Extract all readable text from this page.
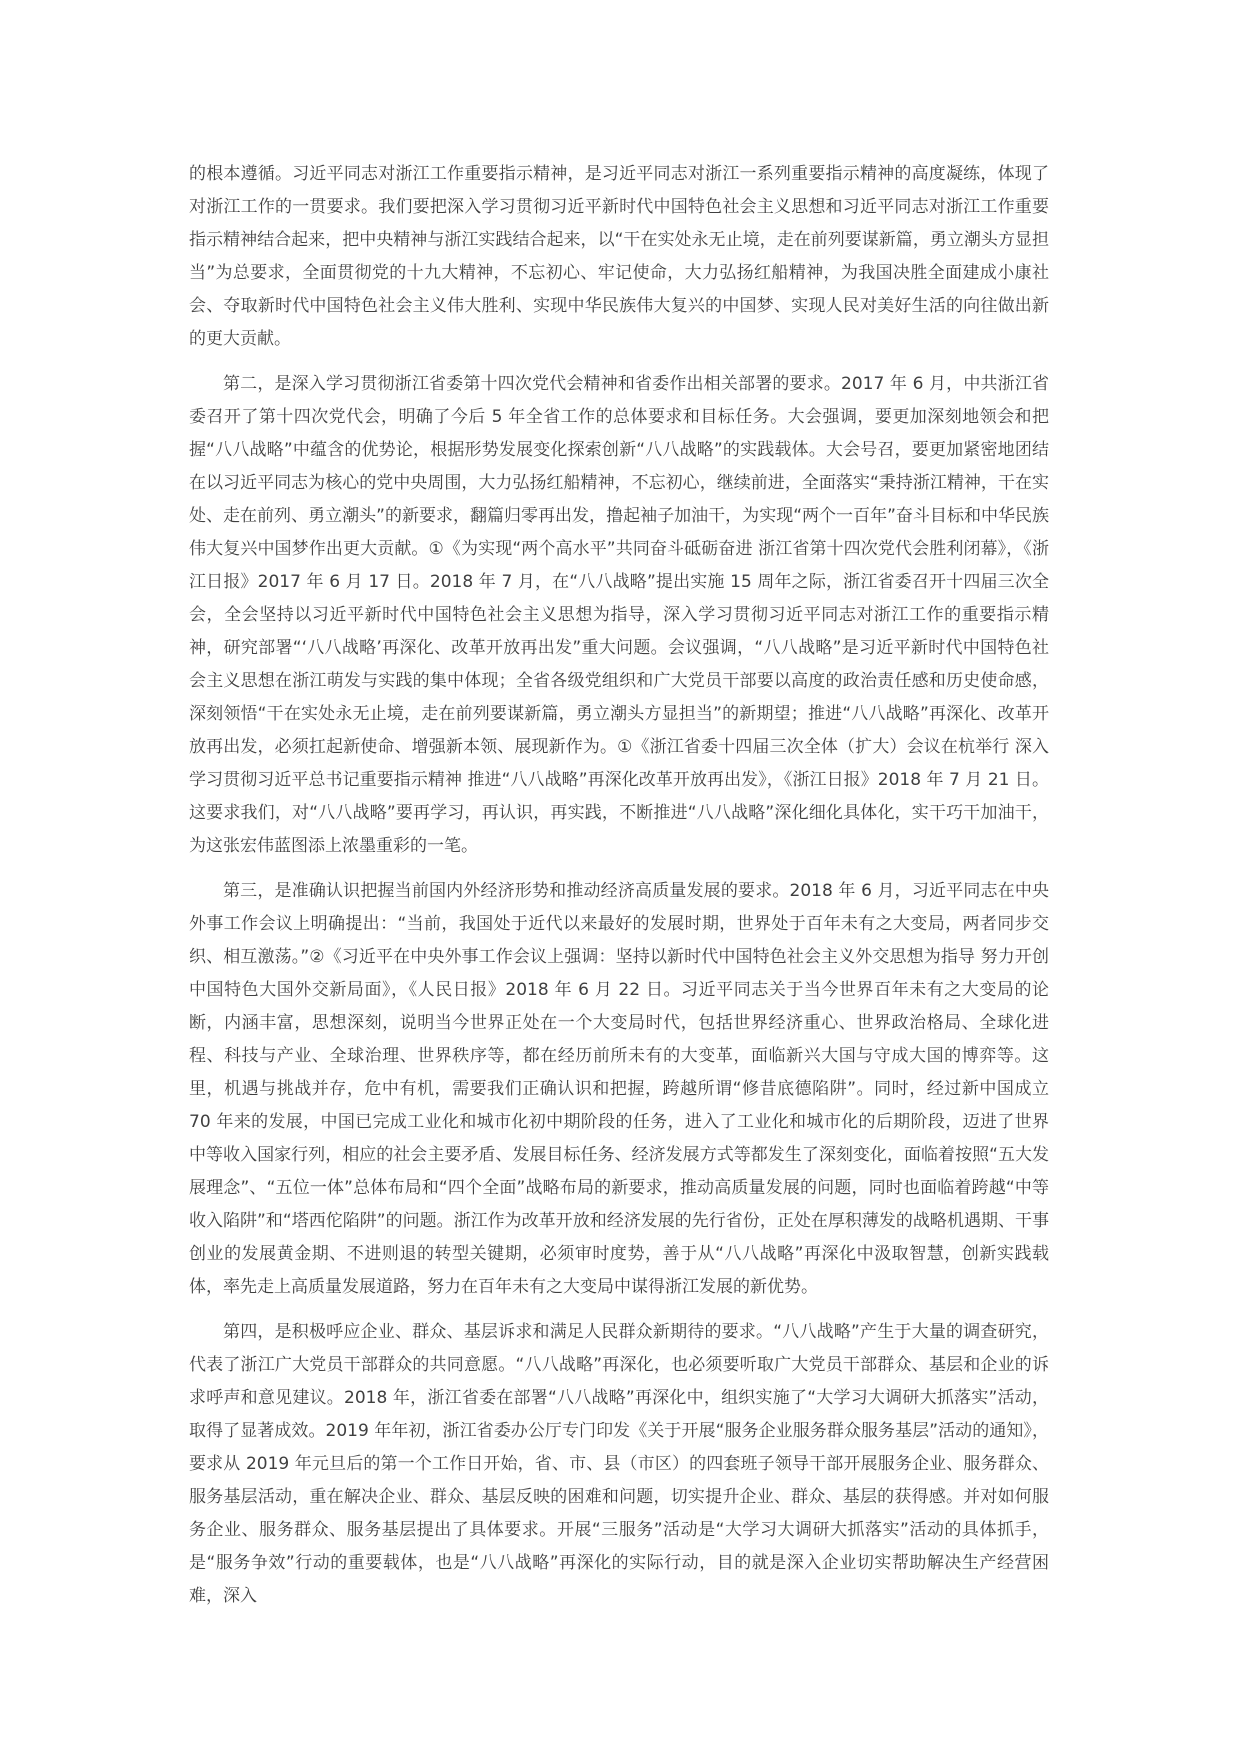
的根本遵循。习近平同志对浙江工作重要指示精神，是习近平同志对浙江一系列重要指示精神的高度凝练，体现了对浙江工作的一贯要求。我们要把深入学习贯彻习近平新时代中国特色社会主义思想和习近平同志对浙江工作重要指示精神结合起来，把中央精神与浙江实践结合起来，以“干在实处永无止境，走在前列要谋新篇，勇立潮头方显担当”为总要求，全面贯彻党的十九大精神，不忘初心、牢记使命，大力弘扬红船精神，为我国决胜全面建成小康社会、夺取新时代中国特色社会主义伟大胜利、实现中华民族伟大复兴的中国梦、实现人民对美好生活的向往做出新的更大贡献。

第二，是深入学习贯彻浙江省委第十四次党代会精神和省委作出相关部署的要求。2017 年 6 月，中共浙江省委召开了第十四次党代会，明确了今后 5 年全省工作的总体要求和目标任务。大会强调，要更加深刻地领会和把握“八八战略”中蕴含的优势论，根据形势发展变化探索创新“八八战略”的实践载体。大会号召，要更加紧密地团结在以习近平同志为核心的党中央周围，大力弘扬红船精神，不忘初心，继续前进，全面落实“秉持浙江精神，干在实处、走在前列、勇立潮头”的新要求，翻篇归零再出发，撸起袖子加油干，为实现“两个一百年”奋斗目标和中华民族伟大复兴中国梦作出更大贡献。①《为实现“两个高水平”共同奋斗砥砺奋进 浙江省第十四次党代会胜利闭幕》，《浙江日报》2017 年 6 月 17 日。2018 年 7 月，在“八八战略”提出实施 15 周年之际，浙江省委召开十四届三次全会，全会坚持以习近平新时代中国特色社会主义思想为指导，深入学习贯彻习近平同志对浙江工作的重要指示精神，研究部署“‘八八战略’再深化、改革开放再出发”重大问题。会议强调，“八八战略”是习近平新时代中国特色社会主义思想在浙江萌发与实践的集中体现；全省各级党组织和广大党员干部要以高度的政治责任感和历史使命感，深刻领悟“干在实处永无止境，走在前列要谋新篇，勇立潮头方显担当”的新期望；推进“八八战略”再深化、改革开放再出发，必须扛起新使命、增强新本领、展现新作为。①《浙江省委十四届三次全体（扩大）会议在杭举行 深入学习贯彻习近平总书记重要指示精神 推进“八八战略”再深化改革开放再出发》，《浙江日报》2018 年 7 月 21 日。这要求我们，对“八八战略”要再学习，再认识，再实践，不断推进“八八战略”深化细化具体化，实干巧干加油干，为这张宏伟蓝图添上浓墨重彩的一笔。

第三，是准确认识把握当前国内外经济形势和推动经济高质量发展的要求。2018 年 6 月，习近平同志在中央外事工作会议上明确提出：“当前，我国处于近代以来最好的发展时期，世界处于百年未有之大变局，两者同步交织、相互激荡。”②《习近平在中央外事工作会议上强调：坚持以新时代中国特色社会主义外交思想为指导 努力开创中国特色大国外交新局面》，《人民日报》2018 年 6 月 22 日。习近平同志关于当今世界百年未有之大变局的论断，内涵丰富，思想深刻，说明当今世界正处在一个大变局时代，包括世界经济重心、世界政治格局、全球化进程、科技与产业、全球治理、世界秩序等，都在经历前所未有的大变革，面临新兴大国与守成大国的博弈等。这里，机遇与挑战并存，危中有机，需要我们正确认识和把握，跨越所谓“修昔底德陷阱”。同时，经过新中国成立 70 年来的发展，中国已完成工业化和城市化初中期阶段的任务，进入了工业化和城市化的后期阶段，迈进了世界中等收入国家行列，相应的社会主要矛盾、发展目标任务、经济发展方式等都发生了深刻变化，面临着按照“五大发展理念”、“五位一体”总体布局和“四个全面”战略布局的新要求，推动高质量发展的问题，同时也面临着跨越“中等收入陷阱”和“塔西佗陷阱”的问题。浙江作为改革开放和经济发展的先行省份，正处在厚积薄发的战略机遇期、干事创业的发展黄金期、不进则退的转型关键期，必须审时度势，善于从“八八战略”再深化中汲取智慧，创新实践载体，率先走上高质量发展道路，努力在百年未有之大变局中谋得浙江发展的新优势。

第四，是积极呼应企业、群众、基层诉求和满足人民群众新期待的要求。“八八战略”产生于大量的调查研究，代表了浙江广大党员干部群众的共同意愿。“八八战略”再深化，也必须要听取广大党员干部群众、基层和企业的诉求呼声和意见建议。2018 年，浙江省委在部署“八八战略”再深化中，组织实施了“大学习大调研大抓落实”活动，取得了显著成效。2019 年年初，浙江省委办公厅专门印发《关于开展“服务企业服务群众服务基层”活动的通知》，要求从 2019 年元旦后的第一个工作日开始，省、市、县（市区）的四套班子领导干部开展服务企业、服务群众、服务基层活动，重在解决企业、群众、基层反映的困难和问题，切实提升企业、群众、基层的获得感。并对如何服务企业、服务群众、服务基层提出了具体要求。开展“三服务”活动是“大学习大调研大抓落实”活动的具体抓手，是“服务争效”行动的重要载体，也是“八八战略”再深化的实际行动，目的就是深入企业切实帮助解决生产经营困难，深入
